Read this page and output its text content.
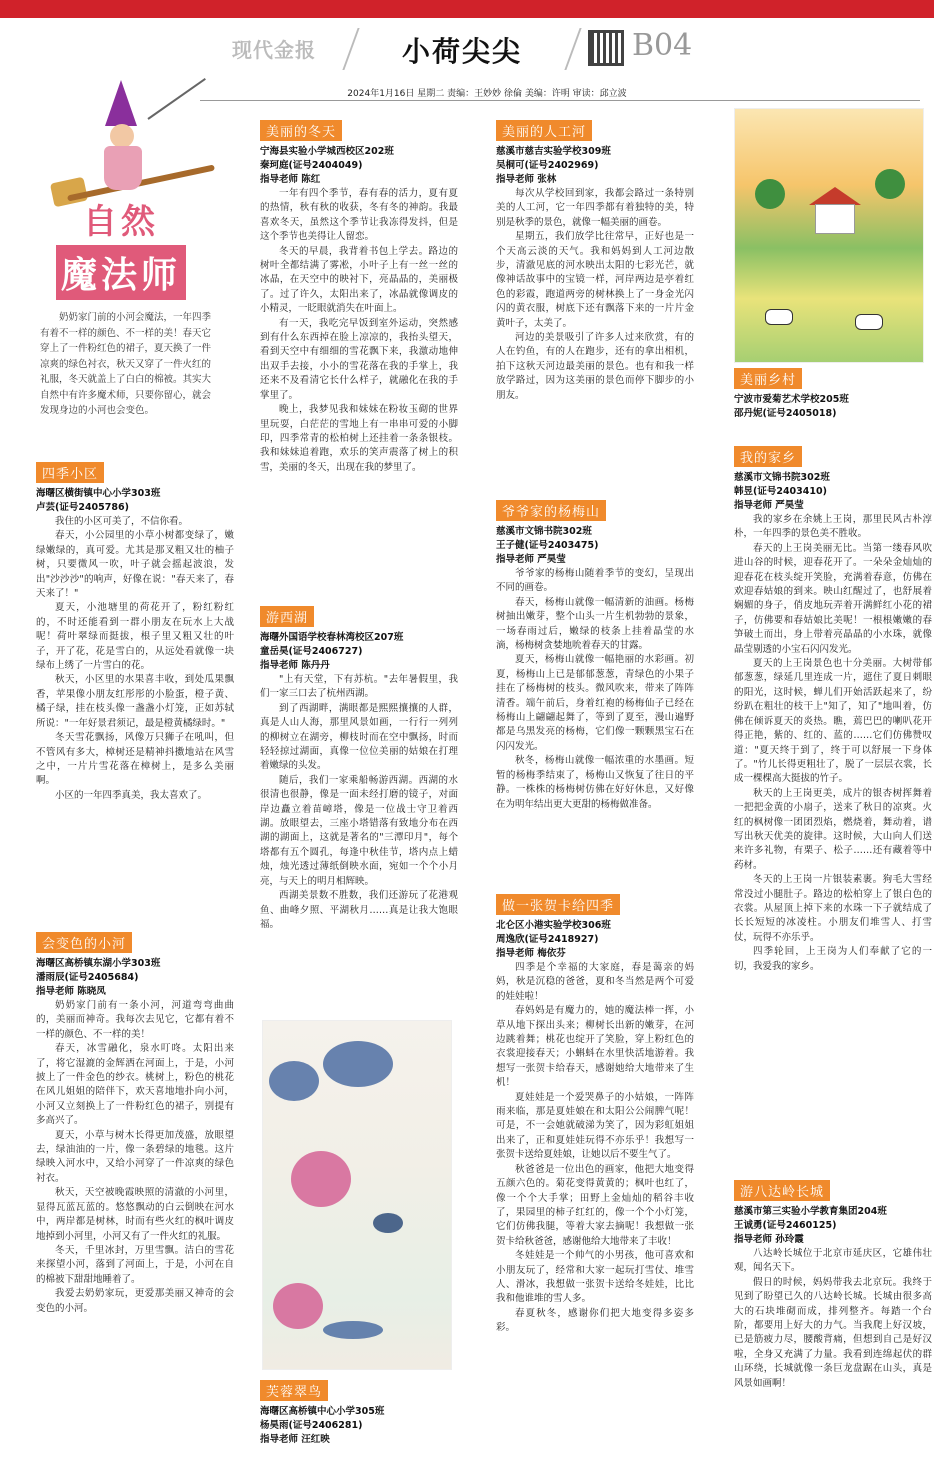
现代金报	小荷尖尖	B04
2024年1月16日 星期二 责编：王妙妙 徐倫 美编：许明 审读：邱立波
自然
魔法师
奶奶家门前的小河会魔法，一年四季有着不一样的颜色、不一样的美！春天它穿上了一件粉红色的裙子，夏天换了一件凉爽的绿色衬衣，秋天又穿了一件火红的礼服，冬天就盖上了白白的棉被。其实大自然中有许多魔术师，只要你留心，就会发现身边的小河也会变色。
四季小区
海曙区横街镇中心小学303班
卢芸(证号2405786)

我住的小区可美了，不信你看。

春天，小公园里的小草小树都变绿了，嫩绿嫩绿的，真可爱。尤其是那叉粗又壮的柚子树，只要微风一吹，叶子就会摇起波浪，发出"沙沙沙"的响声，好像在说："春天来了，春天来了！"

夏天，小池塘里的荷花开了，粉红粉红的，不时还能看到一群小朋友在玩水上大战呢！荷叶翠绿而挺拔，根子里又粗又壮的叶子，开了花，花是雪白的，从远处看就像一块绿布上绣了一片雪白的花。

秋天，小区里的水果喜丰收，到处瓜果飘香，苹果像小朋友红彤彤的小脸蛋，橙子黄、橘子绿，挂在枝头像一盏盏小灯笼，正如苏轼所说："一年好景君须记，最是橙黄橘绿时。"

冬天雪花飘扬，风像万只狮子在吼叫，但不管风有多大，樟树还是精神抖擞地站在风雪之中，一片片雪花落在樟树上，是多么美丽啊。

小区的一年四季真美，我太喜欢了。

会变色的小河
海曙区高桥镇东湖小学303班
潘雨辰(证号2405684)
指导老师 陈晓凤

奶奶家门前有一条小河，河道弯弯曲曲的，美丽而神奇。我每次去见它，它都有着不一样的颜色、不一样的美！

春天，冰雪融化，泉水叮咚。太阳出来了，将它湿漉的金辉洒在河面上，于是，小河披上了一件金色的纱衣。桃树上，粉色的桃花在风儿姐姐的陪伴下，欢天喜地地扑向小河，小河又立刻换上了一件粉红色的裙子，别提有多高兴了。

夏天，小草与树木长得更加茂盛，放眼望去，绿油油的一片，像一条碧绿的地毯。这片绿映入河水中，又给小河穿了一件凉爽的绿色衬衣。

秋天，天空被晚霞映照的清澈的小河里，显得瓦蓝瓦蓝的。悠悠飘动的白云倒映在河水中，两岸都是树林，时而有些火红的枫叶调皮地掉到小河里，小河又有了一件火红的礼服。

冬天，千里冰封，万里雪飘。洁白的雪花来探望小河，落到了河面上，于是，小河在自的棉被下甜甜地睡着了。

我爱去奶奶家玩，更爱那美丽又神奇的会变色的小河。

美丽的冬天
宁海县实验小学城西校区202班
秦珂庭(证号2404049)
指导老师 陈红

一年有四个季节，春有春的活力，夏有夏的热情，秋有秋的收获，冬有冬的神韵。我最喜欢冬天，虽然这个季节让我冻得发抖，但是这个季节也美得让人留恋。

冬天的早晨，我背着书包上学去。路边的树叶全都结满了雾凇，小叶子上有一丝一丝的冰晶，在天空中的映衬下，亮晶晶的，美丽极了。过了许久，太阳出来了，冰晶就像调皮的小精灵，一眨眼就消失在叶面上。

有一天，我吃完早饭到室外运动，突然感到有什么东西掉在脸上凉凉的，我抬头望天，看到天空中有细细的雪花飘下来，我激动地伸出双手去接，小小的雪花落在我的手掌上，我还来不及看清它长什么样子，就融化在我的手掌里了。

晚上，我梦见我和妹妹在粉妆玉砌的世界里玩耍，白茫茫的雪地上有一串串可爱的小脚印，四季常青的松柏树上还挂着一条条银枝。我和妹妹追着跑，欢乐的笑声震落了树上的积雪，美丽的冬天，出现在我的梦里了。

游西湖
海曙外国语学校春林湾校区207班
童岳昊(证号2406727)
指导老师 陈丹丹

"上有天堂，下有苏杭。"去年暑假里，我们一家三口去了杭州西湖。

到了西湖畔，满眼都是熙熙攘攘的人群，真是人山人海，那里风景如画，一行行一列列的柳树立在湖旁，柳枝时而在空中飘扬，时而轻轻掠过湖面，真像一位位美丽的姑娘在打理着嫩绿的头发。

随后，我们一家乘船畅游西湖。西湖的水很清也很静，像是一面未经打磨的镜子，对面岸边矗立着苗嶂塔，像是一位战士守卫着西湖。放眼望去，三座小塔错落有致地分布在西湖的湖面上，这就是著名的"三潭印月"，每个塔都有五个圆孔，每逢中秋佳节，塔内点上蜡烛，烛光透过薄纸倒映水面，宛如一个个小月亮，与天上的明月相辉映。

西湖美景数不胜数，我们还游玩了花港观鱼、曲峰夕照、平湖秋月……真是让我大饱眼福。

芙蓉翠鸟
海曙区高桥镇中心小学305班
杨昊雨(证号2406281)
指导老师 汪红映
美丽的人工河
慈溪市慈吉实验学校309班
吴桐可(证号2402969)
指导老师 张林

每次从学校回到家，我都会路过一条特别美的人工河，它一年四季都有着独特的美，特别是秋季的景色，就像一幅美丽的画卷。

星期五，我们放学比往常早，正好也是一个天高云淡的天气。我和妈妈到人工河边散步，清澈见底的河水映出太阳的七彩光芒，就像神话故事中的宝镜一样，河岸两边是亭着红色的彩霞，跑道两旁的树林换上了一身金光闪闪的黄衣服，树底下还有飘落下来的一片片金黄叶子，太美了。

河边的美景吸引了许多人过来欣赏，有的人在钓鱼，有的人在跑步，还有的拿出相机，拍下这秋天河边最美丽的景色。也有和我一样放学路过，因为这美丽的景色而停下脚步的小朋友。

爷爷家的杨梅山
慈溪市文锦书院302班
王子健(证号2403475)
指导老师 严昊莹

爷爷家的杨梅山随着季节的变幻，呈现出不同的画卷。

春天，杨梅山就像一幅清新的油画。杨梅树抽出嫩芽，整个山头一片生机勃勃的景象，一场春雨过后，嫩绿的枝条上挂着晶莹的水滴，杨梅树贪婪地吮着春天的甘露。

夏天，杨梅山就像一幅艳丽的水彩画。初夏，杨梅山上已是郁郁葱葱，青绿色的小果子挂在了杨梅树的枝头。微风吹来，带来了阵阵清香。端午前后，身着红袍的杨梅仙子已经在杨梅山上翩翩起舞了，等到了夏至，漫山遍野都是乌黑发亮的杨梅，它们像一颗颗黑宝石在闪闪发光。

秋冬，杨梅山就像一幅浓重的水墨画。短暂的杨梅季结束了，杨梅山又恢复了往日的平静。一株株的杨梅树仿佛在好好休息，又好像在为明年结出更大更甜的杨梅做准备。

做一张贺卡给四季
北仑区小港实验学校306班
周逸欣(证号2418927)
指导老师 梅依芬

四季是个幸福的大家庭，春是蔼亲的妈妈，秋是沉稳的爸爸，夏和冬当然是两个可爱的娃娃啦！

春妈妈是有魔力的，她的魔法棒一挥，小草从地下探出头来；柳树长出新的嫩芽，在河边跳着舞；桃花也绽开了笑脸，穿上粉红色的衣裳迎接春天；小蝌蚪在水里快活地游着。我想写一张贺卡给春天，感谢她给大地带来了生机！

夏娃娃是一个爱哭鼻子的小姑娘，一阵阵雨来临，那是夏娃娘在和太阳公公闹脾气呢！可是，不一会她就破涕为笑了，因为彩虹姐姐出来了，正和夏娃娃玩得不亦乐乎！我想写一张贺卡送给夏娃娘，让她以后不要生气了。

秋爸爸是一位出色的画家，他把大地变得五颜六色的。菊花变得黄黄的；枫叶也红了，像一个个大手掌；田野上金灿灿的稻谷丰收了，果园里的柿子红红的，像一个个小灯笼，它们仿佛我腿，等着大家去摘呢！我想做一张贺卡给秋爸爸，感谢他给大地带来了丰收！

冬娃娃是一个帅气的小男孩，他可喜欢和小朋友玩了，经常和大家一起玩打雪仗、堆雪人、滑冰，我想做一张贺卡送给冬娃娃，比比我和他谁堆的雪人多。

春夏秋冬，感谢你们把大地变得多姿多彩。

美丽乡村
宁波市爱菊艺术学校205班
邵丹妮(证号2405018)
我的家乡
慈溪市文锦书院302班
韩昱(证号2403410)
指导老师 严昊莹

我的家乡在余姚上王岗，那里民风古朴淳朴，一年四季的景色美不胜收。

春天的上王岗美丽无比。当第一缕春风吹进山谷的时候，迎春花开了。一朵朵金灿灿的迎春花在枝头绽开笑脸，充满着春意，仿佛在欢迎春姑娘的到来。映山红醒过了，也舒展着娴媚的身子，俏皮地玩弄着开满鲜红小花的裙子，仿佛要和春姑娘比美呢！一根根嫩嫩的春笋破土而出，身上带着亮晶晶的小水珠，就像晶莹剔透的小宝石闪闪发光。

夏天的上王岗景色也十分美丽。大树带郁郁葱葱，绿延几里连成一片，遮住了夏日刺眼的阳光，这时候，蝉儿们开始活跃起来了，纷纷趴在粗壮的枝干上"知了，知了"地叫着，仿佛在倾诉夏天的炎热。瞧，蔫巴巴的喇叭花开得正艳，紫的、红的、蓝的……它们仿佛赞叹道："夏天终于到了，终于可以舒展一下身体了。"竹儿长得更粗壮了，脱了一层层衣裳，长成一棵棵高大挺拔的竹子。

秋天的上王岗更美，成片的银杏树挥舞着一把把金黄的小扇子，送来了秋日的凉爽。火红的枫树像一团团烈焰，燃烧着，舞动着，谱写出秋天优美的旋律。这时候，大山向人们送来许多礼物，有栗子、松子……还有藏着等中药材。

冬天的上王岗一片银装素裹。狗毛大雪经常没过小腿肚子。路边的松柏穿上了银白色的衣裳。从屋顶上掉下来的水珠一下子就结成了长长短短的冰凌柱。小朋友们堆雪人、打雪仗，玩得不亦乐乎。

四季轮回，上王岗为人们奉献了它的一切，我爱我的家乡。

游八达岭长城
慈溪市第三实验小学教育集团204班
王诚勇(证号2460125)
指导老师 孙玲霞

八达岭长城位于北京市延庆区，它雄伟壮观，闻名天下。

假日的时候，妈妈带我去北京玩。我终于见到了盼望已久的八达岭长城。长城由很多高大的石块堆砌而成，排列整齐。每踏一个台阶，都要用上好大的力气。当我爬上好汉坡，已是筋疲力尽，腰酸背痛，但想到自己是好汉啦，全身又充满了力量。我看到连绵起伏的群山环绕，长城就像一条巨龙盘踞在山头，真是风景如画啊！
